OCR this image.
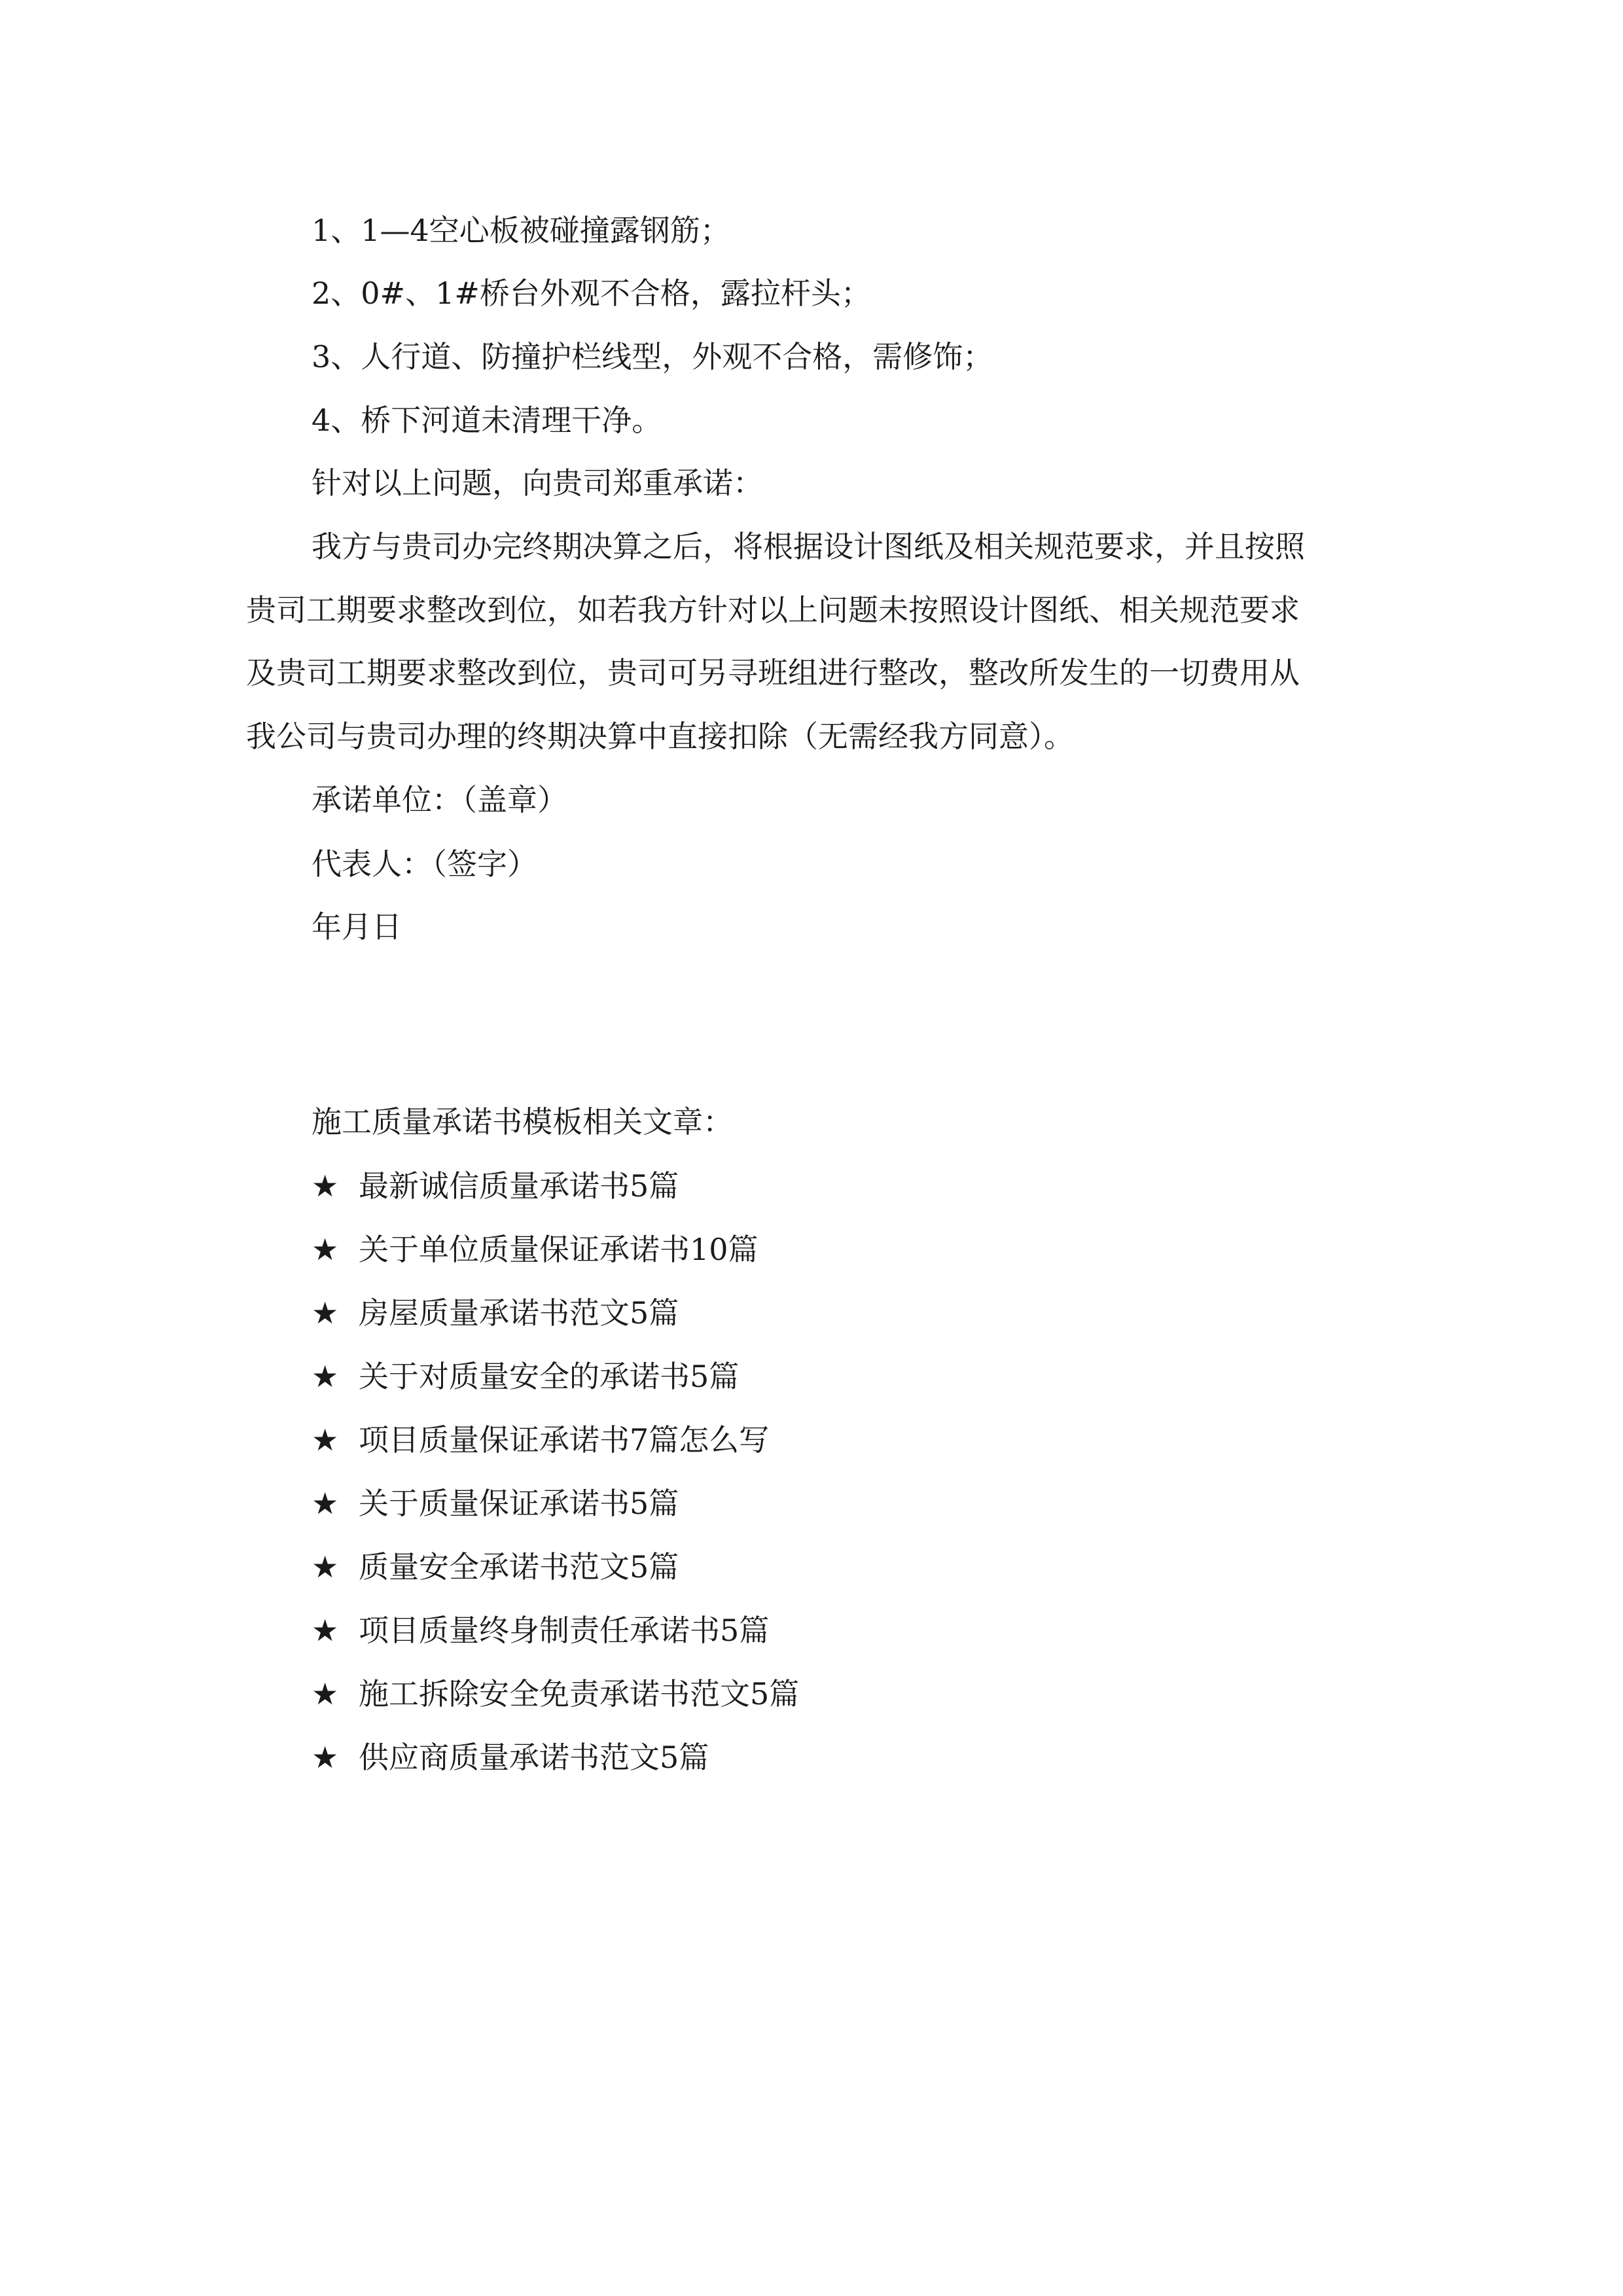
1、1—4空心板被碰撞露钢筋；
2、0#、1#桥台外观不合格，露拉杆头；
3、人行道、防撞护栏线型，外观不合格，需修饰；
4、桥下河道未清理干净。
针对以上问题，向贵司郑重承诺：
我方与贵司办完终期决算之后，将根据设计图纸及相关规范要求，并且按照
贵司工期要求整改到位，如若我方针对以上问题未按照设计图纸、相关规范要求
及贵司工期要求整改到位，贵司可另寻班组进行整改，整改所发生的一切费用从
我公司与贵司办理的终期决算中直接扣除（无需经我方同意）。
承诺单位：（盖章）
代表人：（签字）
年月日
施工质量承诺书模板相关文章：
★ 最新诚信质量承诺书5篇
★ 关于单位质量保证承诺书10篇
★ 房屋质量承诺书范文5篇
★ 关于对质量安全的承诺书5篇
★ 项目质量保证承诺书7篇怎么写
★ 关于质量保证承诺书5篇
★ 质量安全承诺书范文5篇
★ 项目质量终身制责任承诺书5篇
★ 施工拆除安全免责承诺书范文5篇
★ 供应商质量承诺书范文5篇
